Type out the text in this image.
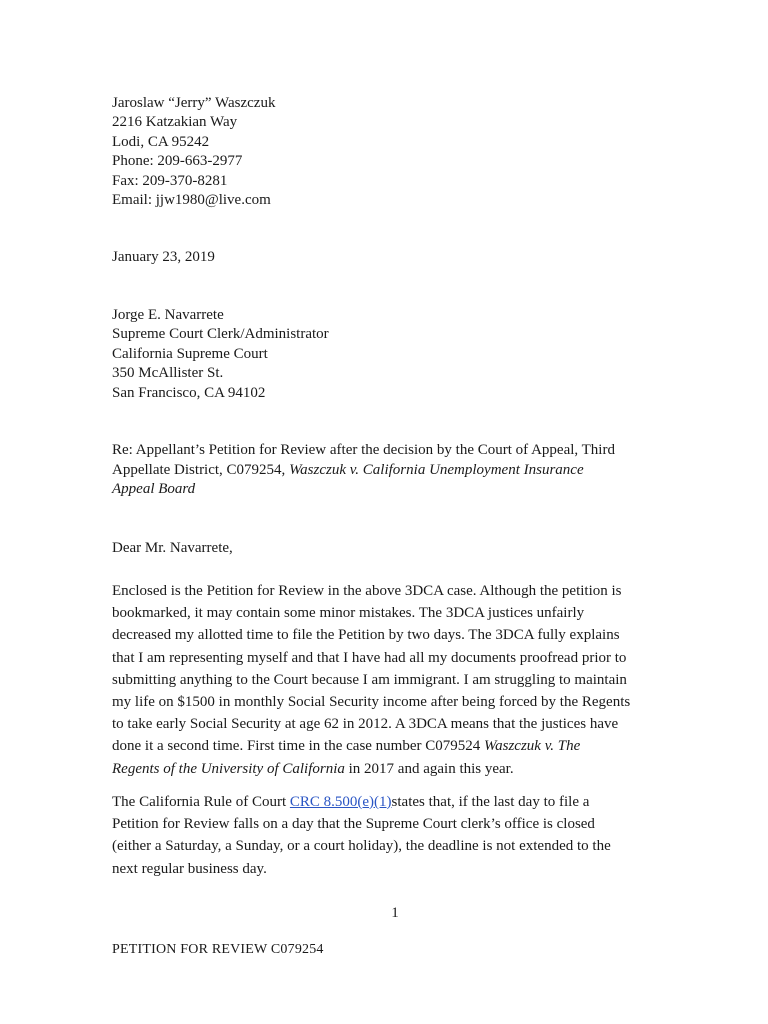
Jaroslaw “Jerry” Waszczuk
2216 Katzakian Way
Lodi, CA 95242
Phone: 209-663-2977
Fax: 209-370-8281
Email: jjw1980@live.com
January 23, 2019
Jorge E. Navarrete
Supreme Court Clerk/Administrator
California Supreme Court
350 McAllister St.
San Francisco, CA 94102
Re: Appellant’s Petition for Review after the decision by the Court of Appeal, Third
Appellate District, C079254, Waszczuk v. California Unemployment Insurance
Appeal Board
Dear Mr. Navarrete,
Enclosed is the Petition for Review in the above 3DCA case. Although the petition is
bookmarked, it may contain some minor mistakes. The 3DCA justices unfairly
decreased my allotted time to file the Petition by two days. The 3DCA fully explains
that I am representing myself and that I have had all my documents proofread prior to
submitting anything to the Court because I am immigrant. I am struggling to maintain
my life on $1500 in monthly Social Security income after being forced by the Regents
to take early Social Security at age 62 in 2012. A 3DCA means that the justices have
done it a second time. First time in the case number C079524 Waszczuk v. The
Regents of the University of California in 2017 and again this year.
The California Rule of Court CRC 8.500(e)(1)states that, if the last day to file a
Petition for Review falls on a day that the Supreme Court clerk’s office is closed
(either a Saturday, a Sunday, or a court holiday), the deadline is not extended to the
next regular business day.
1
PETITION FOR REVIEW C079254
